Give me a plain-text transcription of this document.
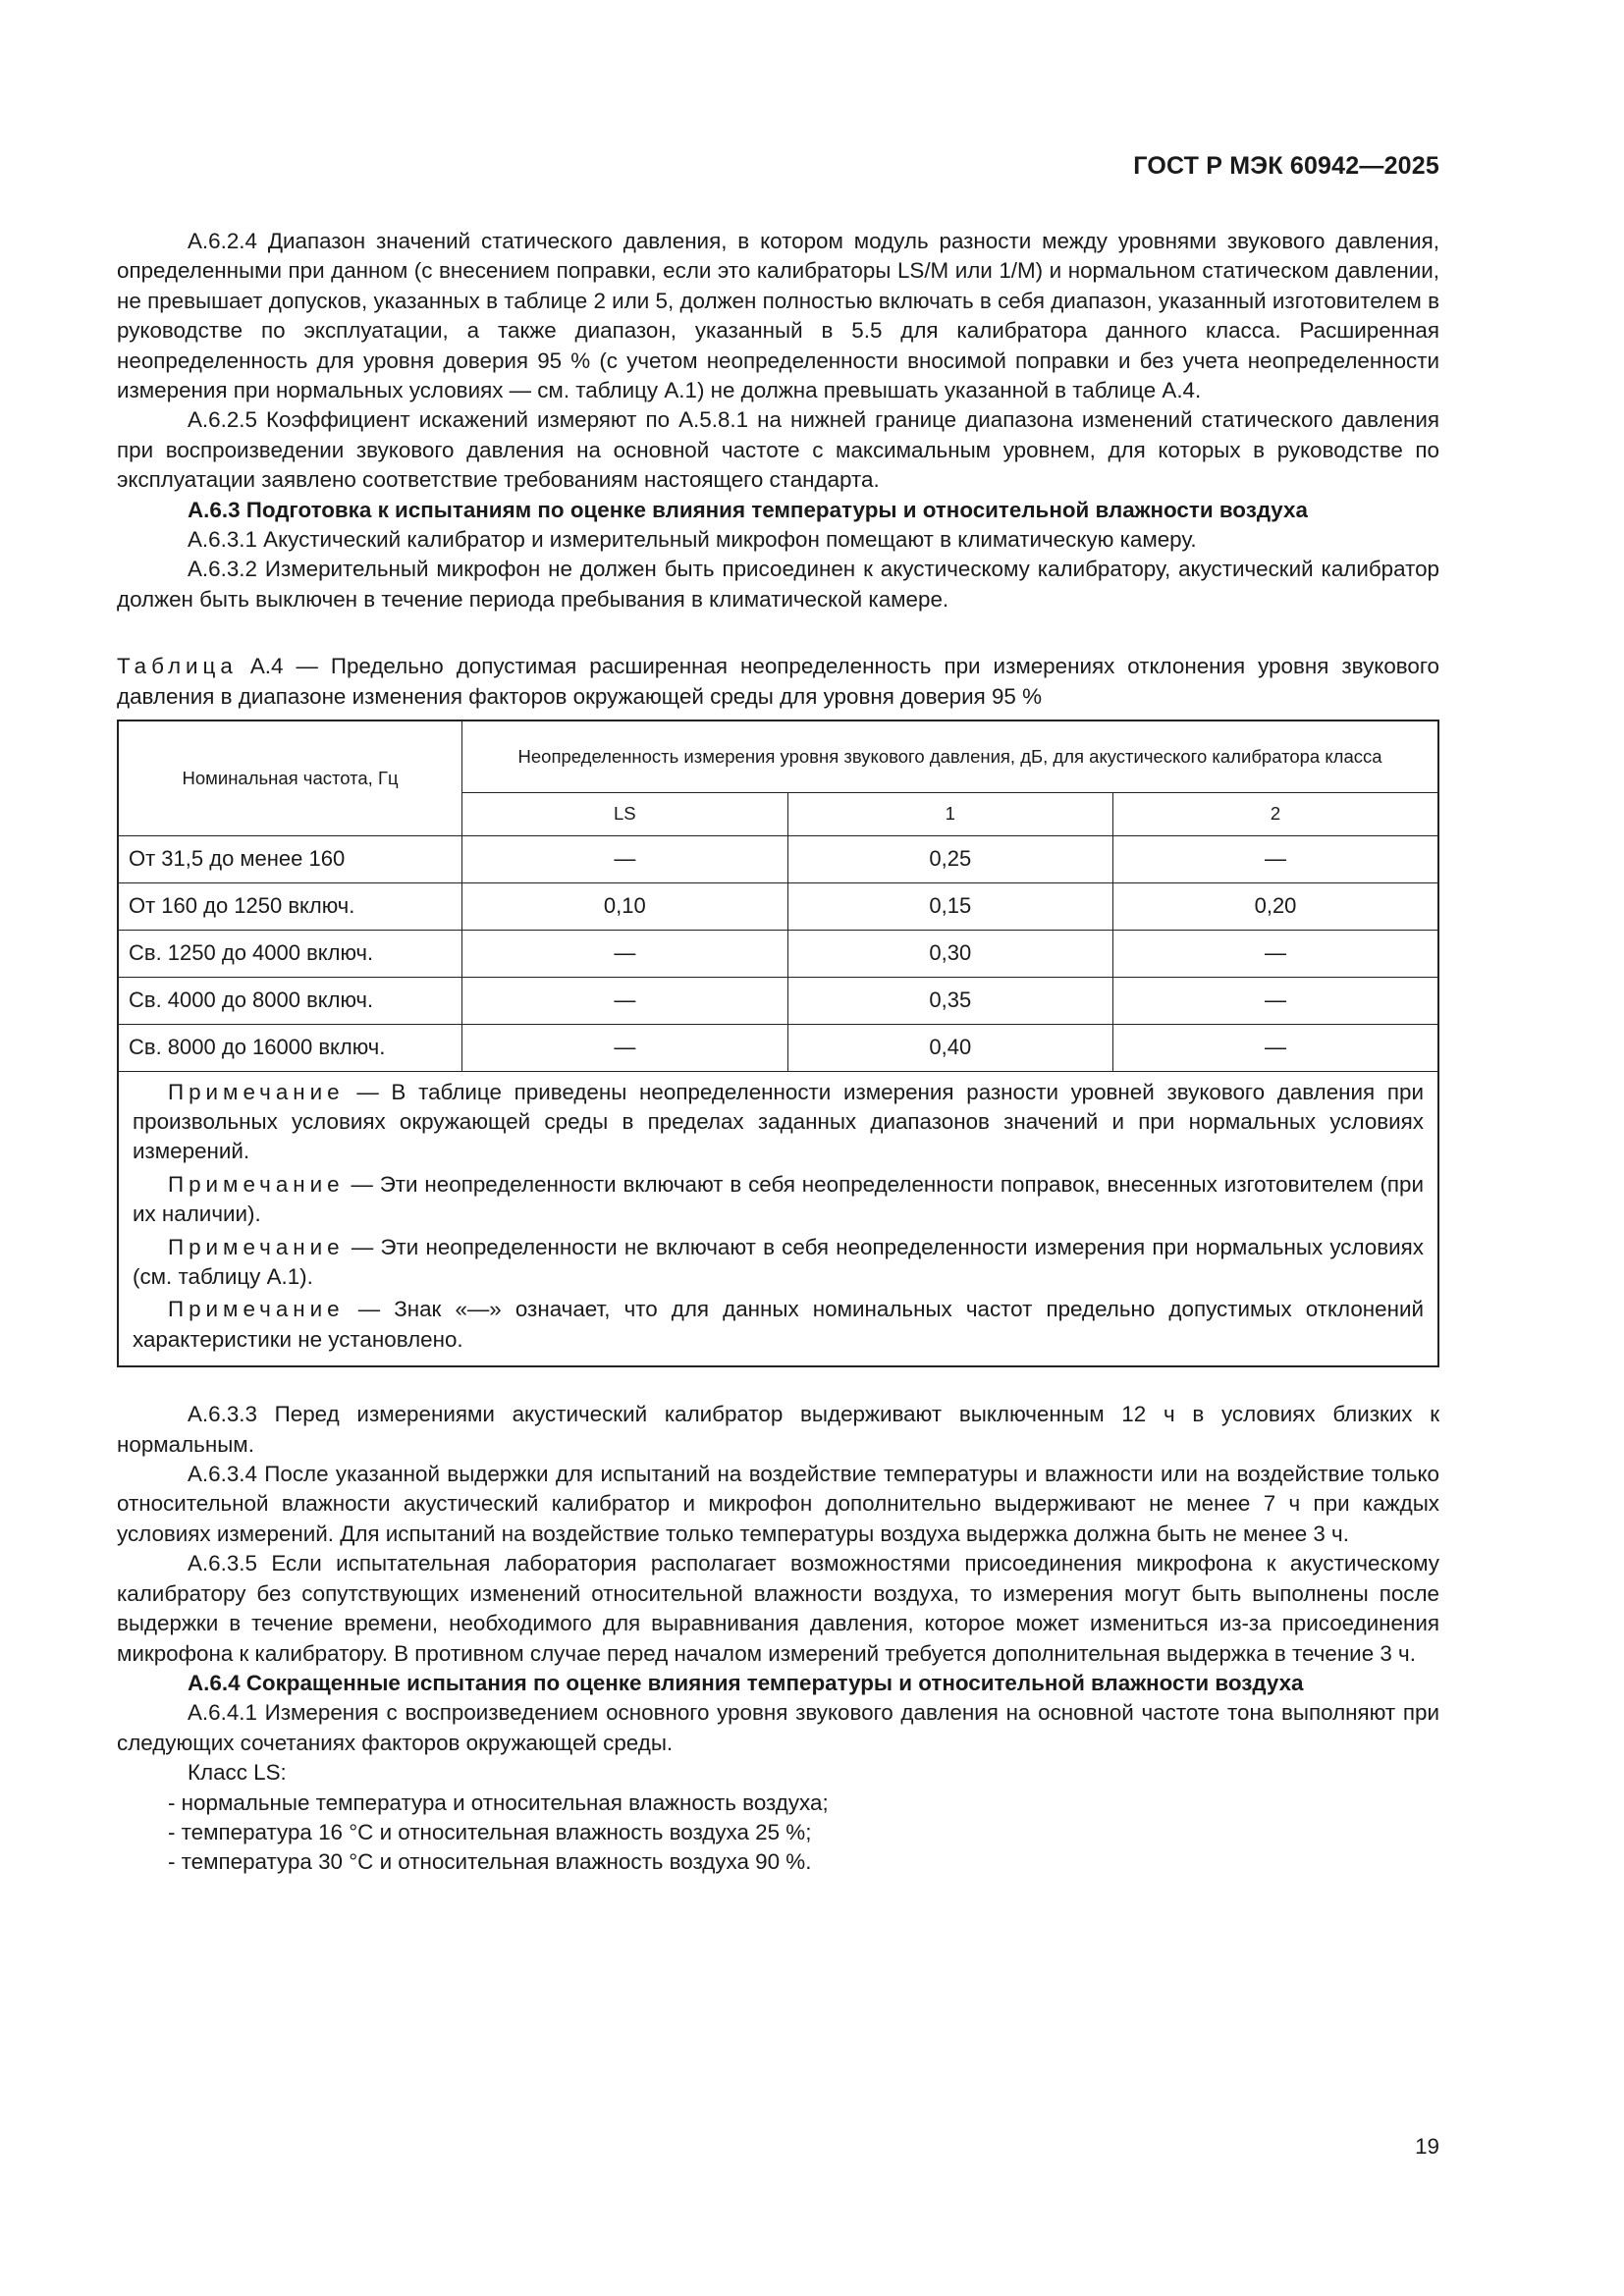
ГОСТ Р МЭК 60942—2025

А.6.2.4 Диапазон значений статического давления, в котором модуль разности между уровнями звукового давления, определенными при данном (с внесением поправки, если это калибраторы LS/M или 1/M) и нормальном статическом давлении, не превышает допусков, указанных в таблице 2 или 5, должен полностью включать в себя диапазон, указанный изготовителем в руководстве по эксплуатации, а также диапазон, указанный в 5.5 для калибратора данного класса. Расширенная неопределенность для уровня доверия 95 % (с учетом неопределенности вносимой поправки и без учета неопределенности измерения при нормальных условиях — см. таблицу А.1) не должна превышать указанной в таблице А.4.

А.6.2.5 Коэффициент искажений измеряют по А.5.8.1 на нижней границе диапазона изменений статического давления при воспроизведении звукового давления на основной частоте с максимальным уровнем, для которых в руководстве по эксплуатации заявлено соответствие требованиям настоящего стандарта.

А.6.3 Подготовка к испытаниям по оценке влияния температуры и относительной влажности воздуха

А.6.3.1 Акустический калибратор и измерительный микрофон помещают в климатическую камеру.

А.6.3.2 Измерительный микрофон не должен быть присоединен к акустическому калибратору, акустический калибратор должен быть выключен в течение периода пребывания в климатической камере.

Таблица А.4 — Предельно допустимая расширенная неопределенность при измерениях отклонения уровня звукового давления в диапазоне изменения факторов окружающей среды для уровня доверия 95 %

Номинальная частота, Гц	Неопределенность измерения уровня звукового давления, дБ, для акустического калибратора класса		
	LS	1	2
От 31,5 до менее 160	—	0,25	—
От 160 до 1250 включ.	0,10	0,15	0,20
Св. 1250 до 4000 включ.	—	0,30	—
Св. 4000 до 8000 включ.	—	0,35	—
Св. 8000 до 16000 включ.	—	0,40	—

Примечание — В таблице приведены неопределенности измерения разности уровней звукового давления при произвольных условиях окружающей среды в пределах заданных диапазонов значений и при нормальных условиях измерений.

Примечание — Эти неопределенности включают в себя неопределенности поправок, внесенных изготовителем (при их наличии).

Примечание — Эти неопределенности не включают в себя неопределенности измерения при нормальных условиях (см. таблицу А.1).

Примечание — Знак «—» означает, что для данных номинальных частот предельно допустимых отклонений характеристики не установлено.			

А.6.3.3 Перед измерениями акустический калибратор выдерживают выключенным 12 ч в условиях близких к нормальным.

А.6.3.4 После указанной выдержки для испытаний на воздействие температуры и влажности или на воздействие только относительной влажности акустический калибратор и микрофон дополнительно выдерживают не менее 7 ч при каждых условиях измерений. Для испытаний на воздействие только температуры воздуха выдержка должна быть не менее 3 ч.

А.6.3.5 Если испытательная лаборатория располагает возможностями присоединения микрофона к акустическому калибратору без сопутствующих изменений относительной влажности воздуха, то измерения могут быть выполнены после выдержки в течение времени, необходимого для выравнивания давления, которое может измениться из-за присоединения микрофона к калибратору. В противном случае перед началом измерений требуется дополнительная выдержка в течение 3 ч.

А.6.4 Сокращенные испытания по оценке влияния температуры и относительной влажности воздуха

А.6.4.1 Измерения с воспроизведением основного уровня звукового давления на основной частоте тона выполняют при следующих сочетаниях факторов окружающей среды.

Класс LS:

- нормальные температура и относительная влажность воздуха;
- температура 16 °С и относительная влажность воздуха 25 %;
- температура 30 °С и относительная влажность воздуха 90 %.
19
